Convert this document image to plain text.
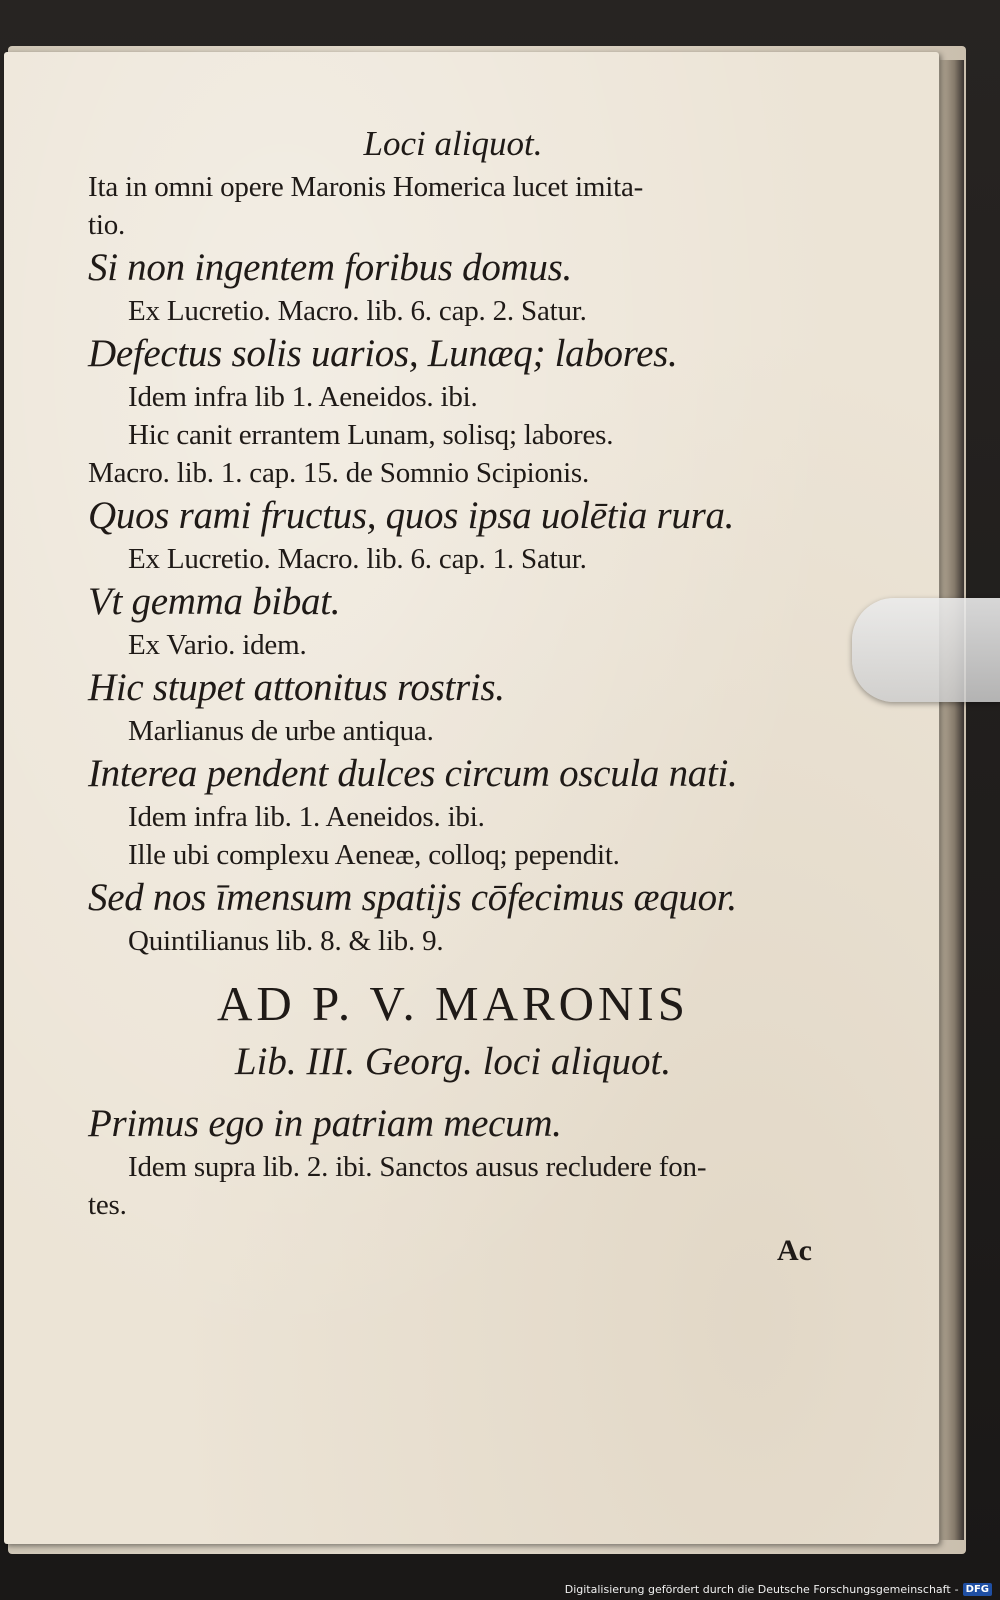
Loci aliquot.
Ita in omni opere Maronis Homerica lucet imita‐
tio.
Si non ingentem foribus domus.
Ex Lucretio. Macro. lib. 6. cap. 2. Satur.
Defectus solis uarios, Lunæq; labores.
Idem infra lib 1. Aeneidos. ibi.
Hic canit errantem Lunam, solisq; labores.
Macro. lib. 1. cap. 15. de Somnio Scipionis.
Quos rami fructus, quos ipsa uolētia rura.
Ex Lucretio. Macro. lib. 6. cap. 1. Satur.
Vt gemma bibat.
Ex Vario. idem.
Hic stupet attonitus rostris.
Marlianus de urbe antiqua.
Interea pendent dulces circum oscula nati.
Idem infra lib. 1. Aeneidos. ibi.
Ille ubi complexu Aeneæ, colloq; pependit.
Sed nos īmensum spatijs cōfecimus æquor.
Quintilianus lib. 8. & lib. 9.
AD P. V. MARONIS
Lib. III. Georg. loci aliquot.
Primus ego in patriam mecum.
Idem supra lib. 2. ibi. Sanctos ausus recludere fon‐
tes.
Ac
Digitalisierung gefördert durch die Deutsche Forschungsgemeinschaft - DFG
